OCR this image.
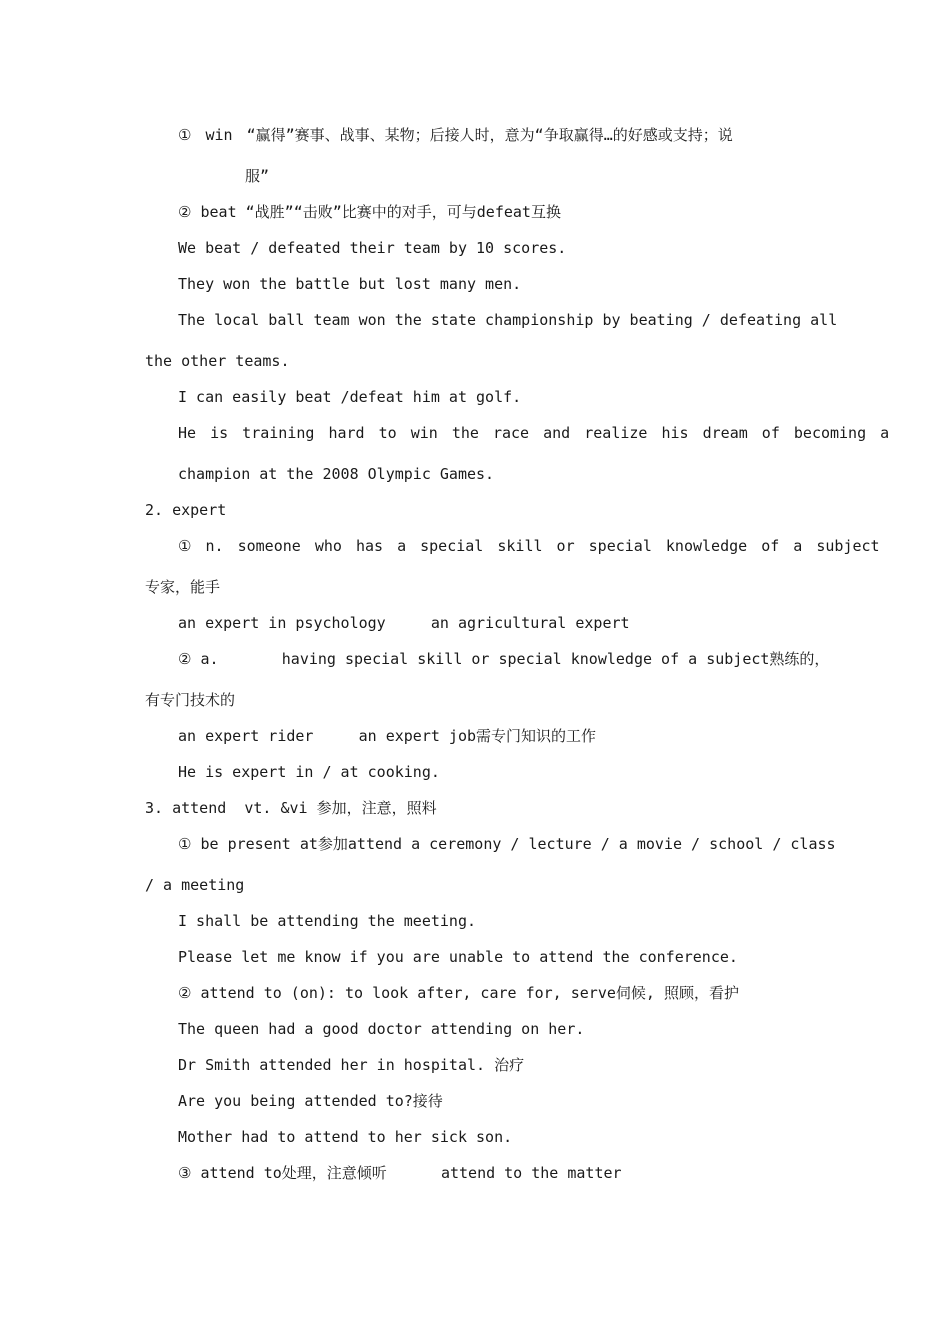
① win “赢得”赛事、战事、某物；后接人时，意为“争取赢得…的好感或支持；说
服”
② beat “战胜”“击败”比赛中的对手，可与defeat互换
We beat / defeated their team by 10 scores.
They won the battle but lost many men.
The local ball team won the state championship by beating / defeating all
the other teams.
I can easily beat /defeat him at golf.
He is training hard to win the race and realize his dream of becoming a
champion at the 2008 Olympic Games.
2. expert
① n. someone who has a special skill or special knowledge of a subject
专家，能手
an expert in psychology     an agricultural expert
② a.       having special skill or special knowledge of a subject熟练的，
有专门技术的
an expert rider     an expert job需专门知识的工作
He is expert in / at cooking.
3. attend  vt. &vi 参加，注意，照料
① be present at参加attend a ceremony / lecture / a movie / school / class
/ a meeting
I shall be attending the meeting.
Please let me know if you are unable to attend the conference.
② attend to (on): to look after, care for, serve伺候, 照顾，看护
The queen had a good doctor attending on her.
Dr Smith attended her in hospital. 治疗
Are you being attended to?接待
Mother had to attend to her sick son.
③ attend to处理，注意倾听      attend to the matter
